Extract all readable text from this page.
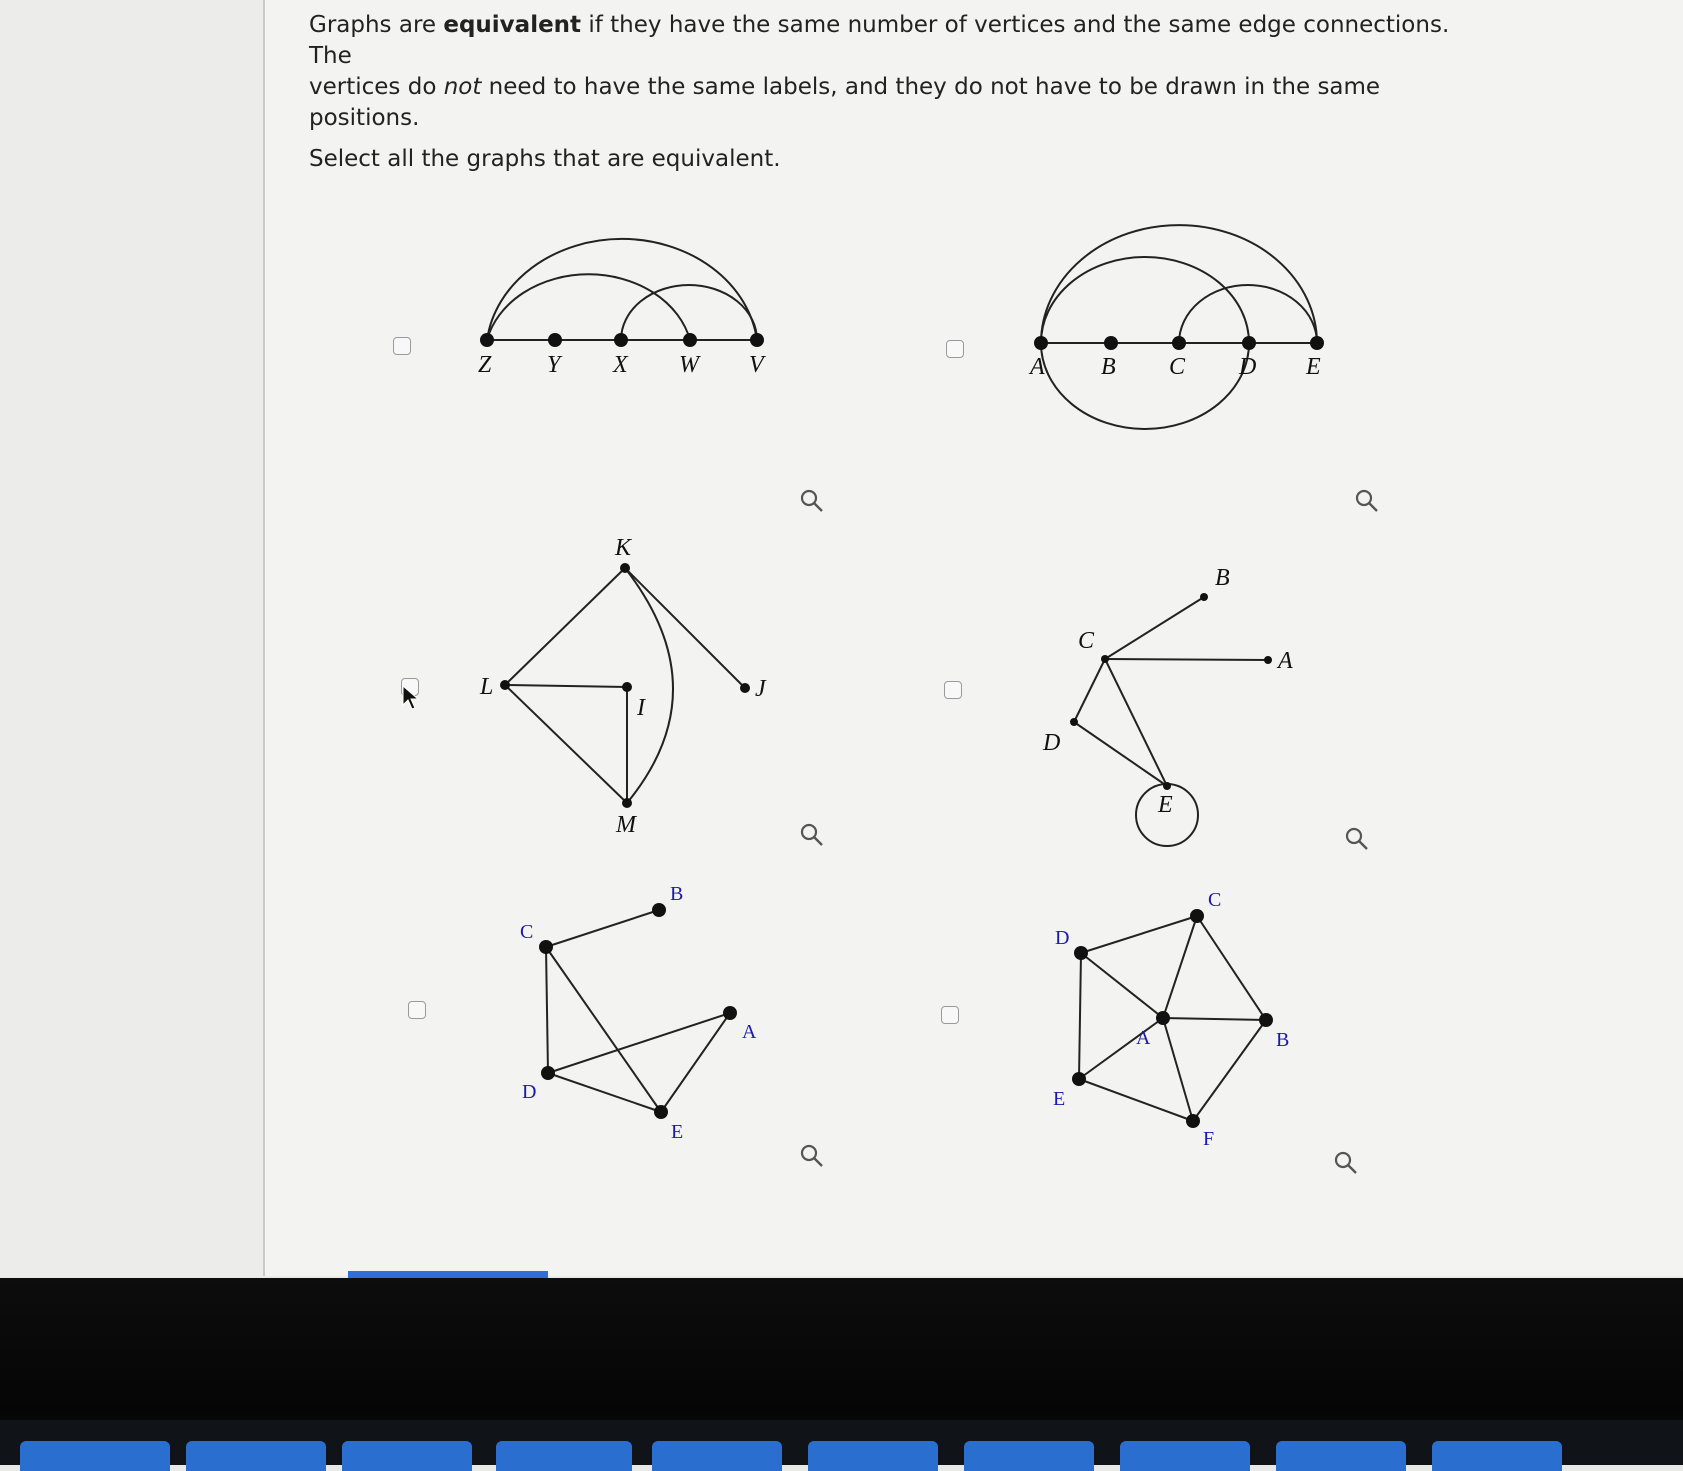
Graphs are equivalent if they have the same number of vertices and the same edge connections. The

vertices do not need to have the same labels, and they do not have to be drawn in the same positions.

Select all the graphs that are equivalent.

Z Y X W V	A B C D E
K
L
I
J
M
B
C
A
D
E
B
C
A
D
E
C
D
A	B
E
F
